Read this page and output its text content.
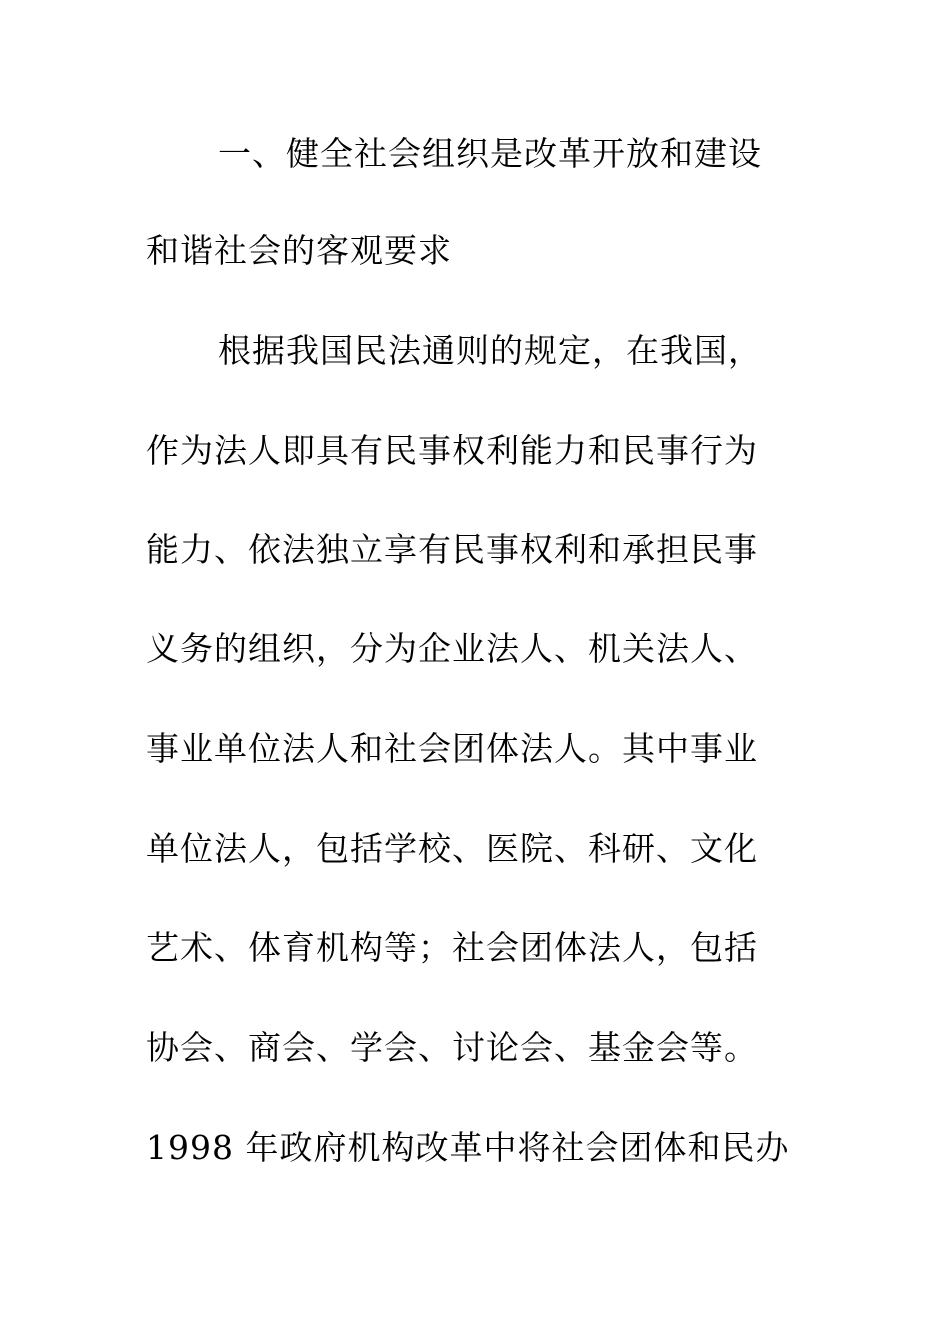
一、健全社会组织是改革开放和建设
和谐社会的客观要求
根据我国民法通则的规定，在我国，
作为法人即具有民事权利能力和民事行为
能力、依法独立享有民事权利和承担民事
义务的组织，分为企业法人、机关法人、
事业单位法人和社会团体法人。其中事业
单位法人，包括学校、医院、科研、文化
艺术、体育机构等；社会团体法人，包括
协会、商会、学会、讨论会、基金会等。
1998 年政府机构改革中将社会团体和民办
